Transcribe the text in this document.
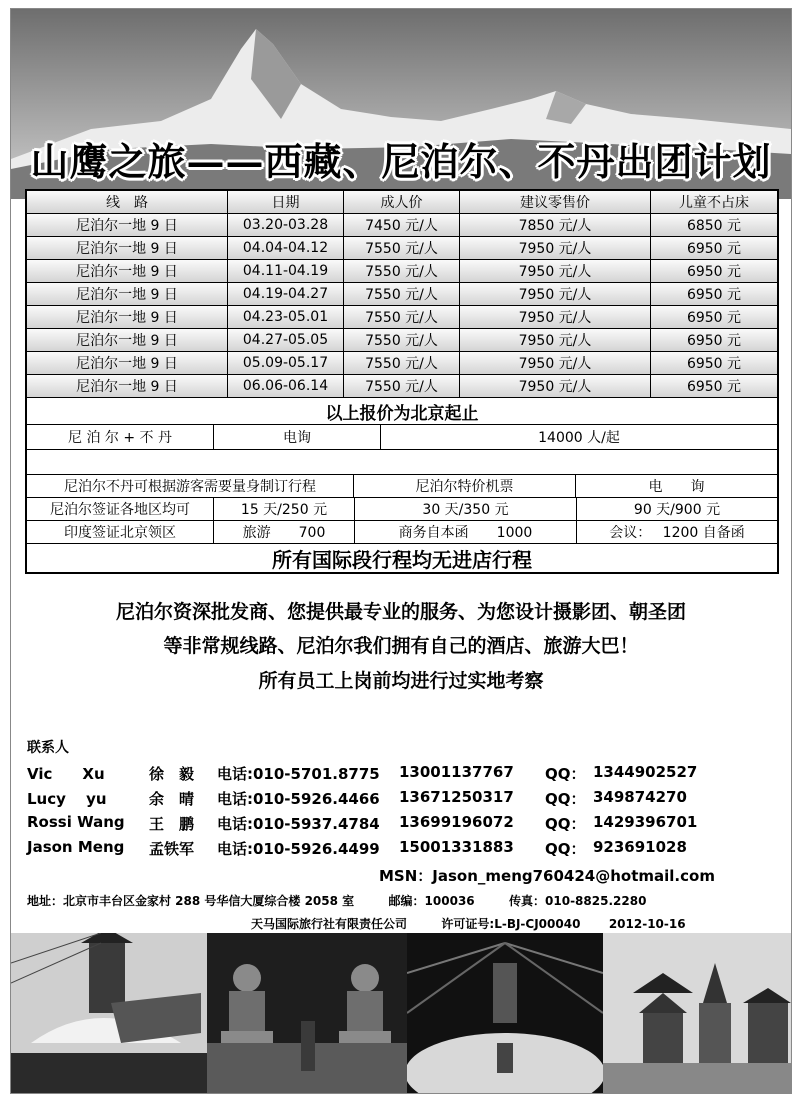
山鹰之旅——西藏、尼泊尔、不丹出团计划
线　路	日期	成人价	建议零售价	儿童不占床
尼泊尔一地 9 日	03.20-03.28	7450 元/人	7850 元/人	6850 元
尼泊尔一地 9 日	04.04-04.12	7550 元/人	7950 元/人	6950 元
尼泊尔一地 9 日	04.11-04.19	7550 元/人	7950 元/人	6950 元
尼泊尔一地 9 日	04.19-04.27	7550 元/人	7950 元/人	6950 元
尼泊尔一地 9 日	04.23-05.01	7550 元/人	7950 元/人	6950 元
尼泊尔一地 9 日	04.27-05.05	7550 元/人	7950 元/人	6950 元
尼泊尔一地 9 日	05.09-05.17	7550 元/人	7950 元/人	6950 元
尼泊尔一地 9 日	06.06-06.14	7550 元/人	7950 元/人	6950 元
以上报价为北京起止
尼 泊 尔 + 不 丹	电询	14000 人/起
尼泊尔不丹可根据游客需要量身制订行程	尼泊尔特价机票	电　　询
尼泊尔签证各地区均可	15 天/250 元	30 天/350 元	90 天/900 元
印度签证北京领区	旅游　　700	商务自本函　　1000	会议：　 1200 自备函
所有国际段行程均无进店行程
尼泊尔资深批发商、您提供最专业的服务、为您设计摄影团、朝圣团
等非常规线路、尼泊尔我们拥有自己的酒店、旅游大巴！
所有员工上岗前均进行过实地考察
联系人
Vic　　Xu	徐　毅 电话:010-5701.8775 13001137767 QQ： 1344902527
Lucy　 yu	余　晴 电话:010-5926.4466 13671250317 QQ： 349874270
Rossi Wang 王　鹏 电话:010-5937.4784 13699196072 QQ： 1429396701
Jason Meng 孟铁军 电话:010-5926.4499 15001331883 QQ： 923691028
MSN：Jason_meng760424@hotmail.com
地址：北京市丰台区金家村 288 号华信大厦综合楼 2058 室	邮编：100036	传真：010-8825.2280
天马国际旅行社有限责任公司	许可证号:L-BJ-CJ00040 2012-10-16
